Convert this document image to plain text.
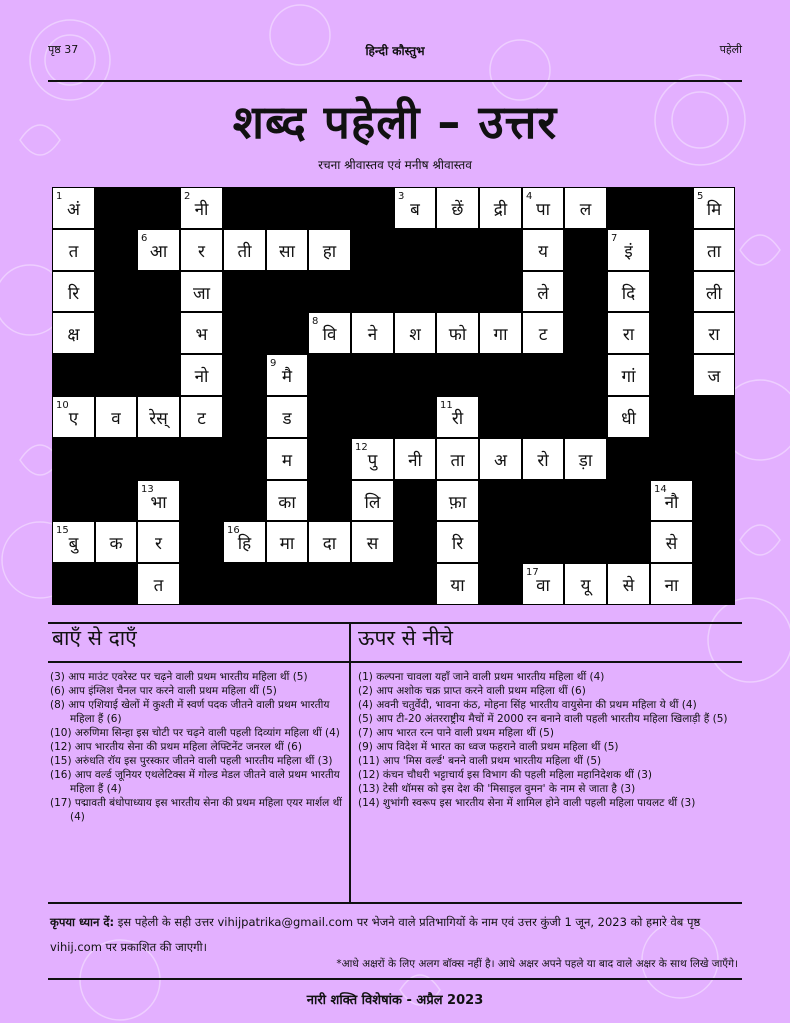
पृष्ठ 37	हिन्दी कौस्तुभ	पहेली
शब्द पहेली – उत्तर
रचना श्रीवास्तव एवं मनीष श्रीवास्तव
1
अं
2
नी
3
ब	छें	द्री
4
पा	ल
5
मि
त
6
आ	र	ती	सा	हा	य
7
इं	ता
रि	जा	ले	दि	ली
क्ष	भ
8
वि	ने	श	फो	गा	ट	रा	रा
नो
9
मै	गां	ज
10
ए	व	रेस्	ट	ड
11
री	धी
म
12
पु	नी	ता	अ	रो	ड़ा
13
भा	का	लि	फ़ा
14
नौ
15
बु	क	र
16
हि	मा	दा	स	रि	से
त	या
17
वा	यू	से	ना
बाएँ से दाएँ	ऊपर से नीचे
(3) आप माउंट एवरेस्ट पर चढ़ने वाली प्रथम भारतीय महिला थीं (5)
(6) आप इंग्लिश चैनल पार करने वाली प्रथम महिला थीं (5)
(8) आप एशियाई खेलों में कुश्ती में स्वर्ण पदक जीतने वाली प्रथम भारतीय महिला हैं (6)
(10) अरुणिमा सिन्हा इस चोटी पर चढ़ने वाली पहली दिव्यांग महिला थीं (4)
(12) आप भारतीय सेना की प्रथम महिला लेफ्टिनेंट जनरल थीं (6)
(15) अरुंधति रॉय इस पुरस्कार जीतने वाली पहली भारतीय महिला थीं (3)
(16) आप वर्ल्ड जूनियर एथलेटिक्स में गोल्ड मेडल जीतने वाले प्रथम भारतीय महिला हैं (4)
(17) पद्मावती बंधोपाध्याय इस भारतीय सेना की प्रथम महिला एयर मार्शल थीं (4)
(1) कल्पना चावला यहाँ जाने वाली प्रथम भारतीय महिला थीं (4)
(2) आप अशोक चक्र प्राप्त करने वाली प्रथम महिला थीं (6)
(4) अवनी चतुर्वेदी, भावना कंठ, मोहना सिंह भारतीय वायुसेना की प्रथम महिला ये थीं (4)
(5) आप टी-20 अंतरराष्ट्रीय मैचों में 2000 रन बनाने वाली पहली भारतीय महिला खिलाड़ी हैं (5)
(7) आप भारत रत्न पाने वाली प्रथम महिला थीं (5)
(9) आप विदेश में भारत का ध्वज फहराने वाली प्रथम महिला थीं (5)
(11) आप 'मिस वर्ल्ड' बनने वाली प्रथम भारतीय महिला थीं (5)
(12) कंचन चौधरी भट्टाचार्य इस विभाग की पहली महिला महानिदेशक थीं (3)
(13) टेसी थॉमस को इस देश की 'मिसाइल वुमन' के नाम से जाता है (3)
(14) शुभांगी स्वरूप इस भारतीय सेना में शामिल होने वाली पहली महिला पायलट थीं (3)
कृपया ध्यान दें: इस पहेली के सही उत्तर vihijpatrika@gmail.com पर भेजने वाले प्रतिभागियों के नाम एवं उत्तर कुंजी 1 जून, 2023 को हमारे वेब पृष्ठ vihij.com पर प्रकाशित की जाएगी।
*आधे अक्षरों के लिए अलग बॉक्स नहीं है। आधे अक्षर अपने पहले या बाद वाले अक्षर के साथ लिखे जाएँगे।
नारी शक्ति विशेषांक - अप्रैल 2023
